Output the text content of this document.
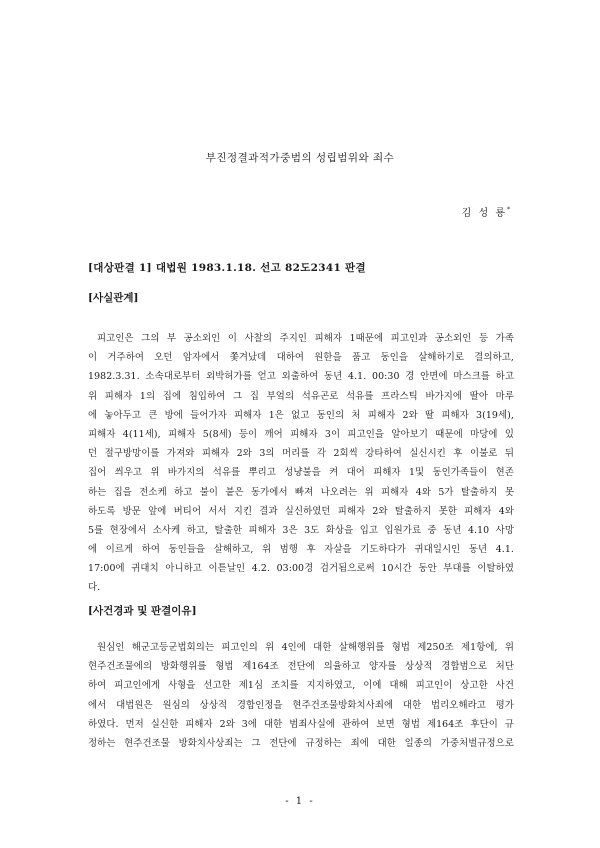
부진정결과적가중범의 성립범위와 죄수
김 성 룡*
[대상판결 1] 대법원 1983.1.18. 선고 82도2341 판결
[사실관계]
피고인은 그의 부 공소외인 이 사찰의 주지인 피해자 1때문에 피고인과 공소외인 등 가족
이 거주하여 오던 암자에서 쫓겨났데 대하여 원한을 품고 동인을 살해하기로 결의하고,
1982.3.31. 소속대로부터 외박허가를 얻고 외출하여 동년 4.1. 00:30 경 안면에 마스크를 하고
위 피해자 1의 집에 침입하여 그 집 부엌의 석유곤로 석유를 프라스틱 바가지에 딸아 마루
에 놓아두고 큰 방에 들어가자 피해자 1은 없고 동인의 처 피해자 2와 딸 피해자 3(19세),
피해자 4(11세), 피해자 5(8세) 등이 깨어 피해자 3이 피고인을 알아보기 때문에 마당에 있
던 절구방망이를 가져와 피해자 2와 3의 머리를 각 2회씩 강타하여 실신시킨 후 이불로 뒤
집어 씌우고 위 바가지의 석유를 뿌리고 성냥불을 켜 대어 피해자 1및 동인가족들이 현존
하는 집을 전소케 하고 불이 붙은 동가에서 빠져 나오려는 위 피해자 4와 5가 탈출하지 못
하도록 방문 앞에 버티어 서서 지킨 결과 실신하였던 피해자 2와 탈출하지 못한 피해자 4와
5를 현장에서 소사케 하고, 탈출한 피해자 3은 3도 화상을 입고 입원가료 중 동년 4.10 사망
에 이르게 하여 동인들을 살해하고, 위 범행 후 자살을 기도하다가 귀대일시인 동년 4.1.
17:00에 귀대치 아니하고 이튿날인 4.2. 03:00경 검거됨으로써 10시간 동안 부대를 이탈하였
다.
[사건경과 및 판결이유]
원심인 해군고등군법회의는 피고인의 위 4인에 대한 살해행위를 형법 제250조 제1항에, 위
현주건조물에의 방화행위를 형법 제164조 전단에 의율하고 양자를 상상적 경합범으로 처단
하여 피고인에게 사형을 선고한 제1심 조치를 지지하였고, 이에 대해 피고인이 상고한 사건
에서 대법원은 원심의 상상적 경합인정을 현주건조물방화치사죄에 대한 법리오해라고 평가
하였다. 먼저 실신한 피해자 2와 3에 대한 범죄사실에 관하여 보면 형법 제164조 후단이 규
정하는 현주건조물 방화치사상죄는 그 전단에 규정하는 죄에 대한 일종의 가중처벌규정으로
- 1 -
